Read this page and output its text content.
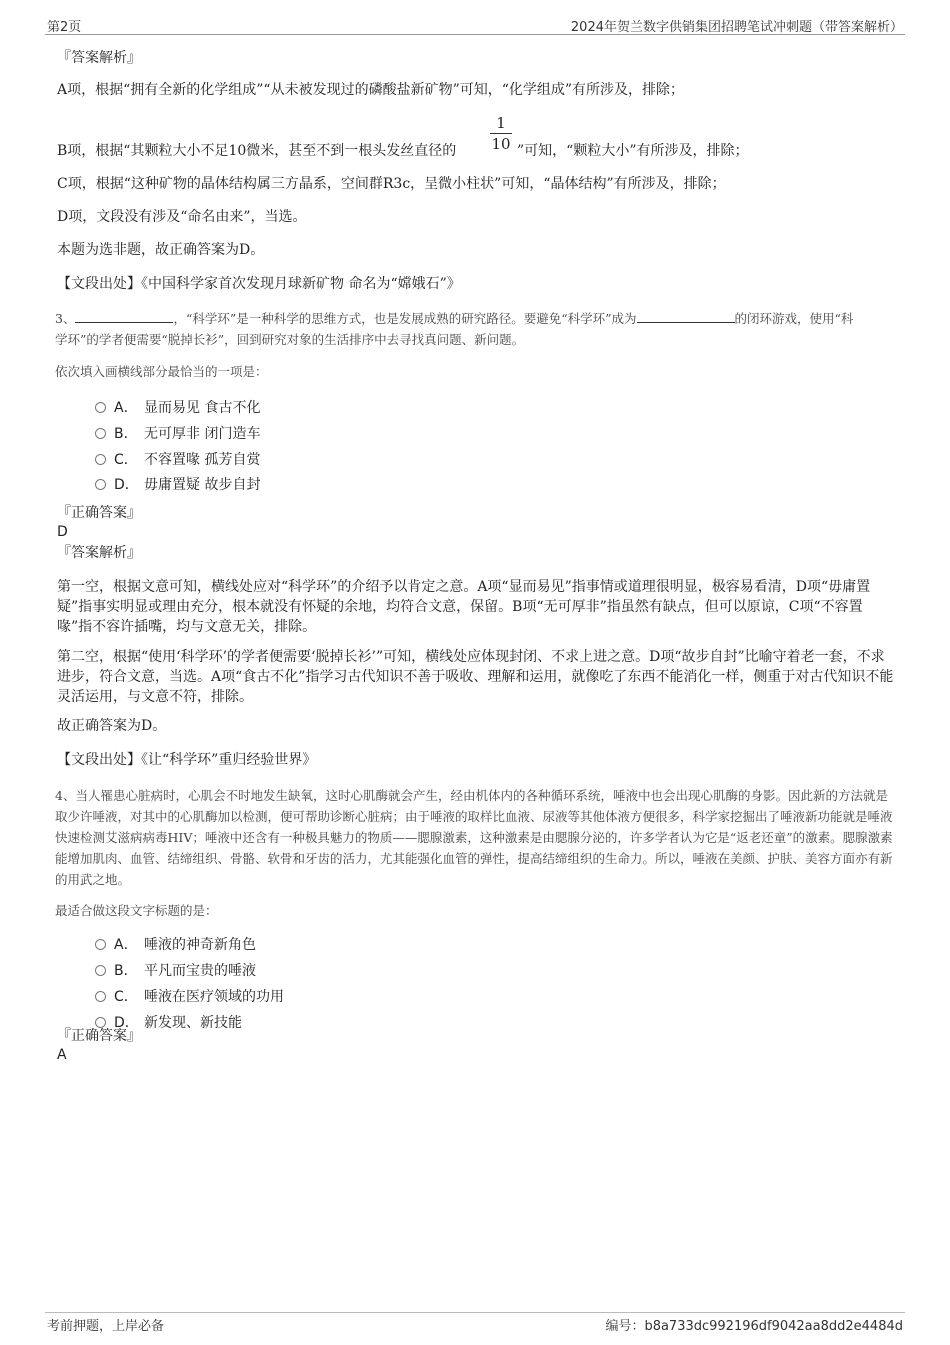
第2页	2024年贺兰数字供销集团招聘笔试冲刺题（带答案解析）

『答案解析』

A项，根据“拥有全新的化学组成”“从未被发现过的磷酸盐新矿物”可知，“化学组成”有所涉及，排除；

B项，根据“其颗粒大小不足10微米，甚至不到一根头发丝直径的

1
10 ”可知，“颗粒大小”有所涉及，排除；

C项，根据“这种矿物的晶体结构属三方晶系，空间群R3c，呈微小柱状”可知，“晶体结构”有所涉及，排除；

D项，文段没有涉及“命名由来”，当选。

本题为选非题，故正确答案为D。

【文段出处】《中国科学家首次发现月球新矿物 命名为“嫦娥石”》

3、	，“科学环”是一种科学的思维方式，也是发展成熟的研究路径。要避免“科学环”成为	的闭环游戏，使用“科
学环”的学者便需要“脱掉长衫”，回到研究对象的生活排序中去寻找真问题、新问题。

依次填入画横线部分最恰当的一项是：

A． 显而易见 食古不化
B． 无可厚非 闭门造车
C． 不容置喙 孤芳自赏
D． 毋庸置疑 故步自封

『正确答案』

D

『答案解析』

第一空，根据文意可知，横线处应对“科学环”的介绍予以肯定之意。A项“显而易见”指事情或道理很明显，极容易看清，D项“毋庸置疑”指事实明显或理由充分，根本就没有怀疑的余地，均符合文意，保留。B项“无可厚非”指虽然有缺点，但可以原谅，C项“不容置喙”指不容许插嘴，均与文意无关，排除。

第二空，根据“使用‘科学环’的学者便需要‘脱掉长衫’”可知，横线处应体现封闭、不求上进之意。D项“故步自封”比喻守着老一套，不求进步，符合文意，当选。A项“食古不化”指学习古代知识不善于吸收、理解和运用，就像吃了东西不能消化一样，侧重于对古代知识不能灵活运用，与文意不符，排除。

故正确答案为D。

【文段出处】《让“科学环”重归经验世界》

4、当人罹患心脏病时，心肌会不时地发生缺氧，这时心肌酶就会产生，经由机体内的各种循环系统，唾液中也会出现心肌酶的身影。因此新的方法就是取少许唾液，对其中的心肌酶加以检测，便可帮助诊断心脏病；由于唾液的取样比血液、尿液等其他体液方便很多，科学家挖掘出了唾液新功能就是唾液快速检测艾滋病病毒HIV；唾液中还含有一种极具魅力的物质——腮腺激素，这种激素是由腮腺分泌的，许多学者认为它是“返老还童”的激素。腮腺激素能增加肌肉、血管、结缔组织、骨骼、软骨和牙齿的活力，尤其能强化血管的弹性，提高结缔组织的生命力。所以，唾液在美颜、护肤、美容方面亦有新的用武之地。

最适合做这段文字标题的是：

A． 唾液的神奇新角色
B． 平凡而宝贵的唾液
C． 唾液在医疗领域的功用
D． 新发现、新技能

『正确答案』

A

考前押题，上岸必备	编号：b8a733dc992196df9042aa8dd2e4484d
